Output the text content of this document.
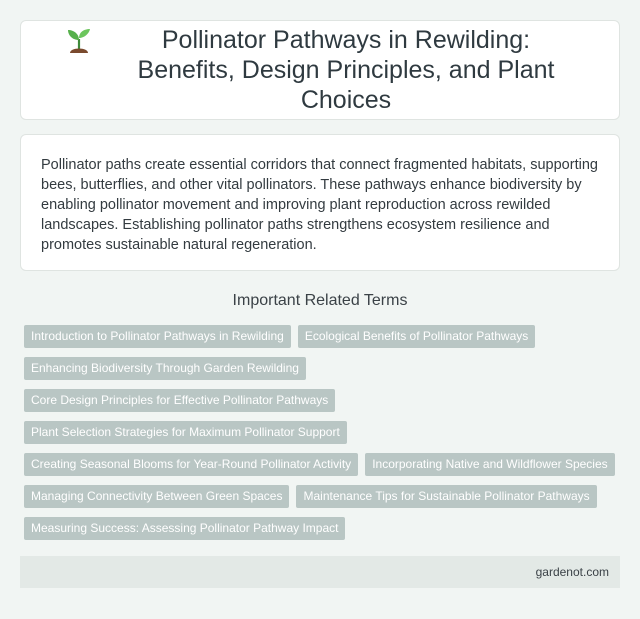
Pollinator Pathways in Rewilding: Benefits, Design Principles, and Plant Choices

Pollinator paths create essential corridors that connect fragmented habitats, supporting bees, butterflies, and other vital pollinators. These pathways enhance biodiversity by enabling pollinator movement and improving plant reproduction across rewilded landscapes. Establishing pollinator paths strengthens ecosystem resilience and promotes sustainable natural regeneration.

Important Related Terms
Introduction to Pollinator Pathways in Rewilding	Ecological Benefits of Pollinator Pathways
Enhancing Biodiversity Through Garden Rewilding
Core Design Principles for Effective Pollinator Pathways
Plant Selection Strategies for Maximum Pollinator Support
Creating Seasonal Blooms for Year-Round Pollinator Activity	Incorporating Native and Wildflower Species
Managing Connectivity Between Green Spaces	Maintenance Tips for Sustainable Pollinator Pathways
Measuring Success: Assessing Pollinator Pathway Impact
gardenot.com
